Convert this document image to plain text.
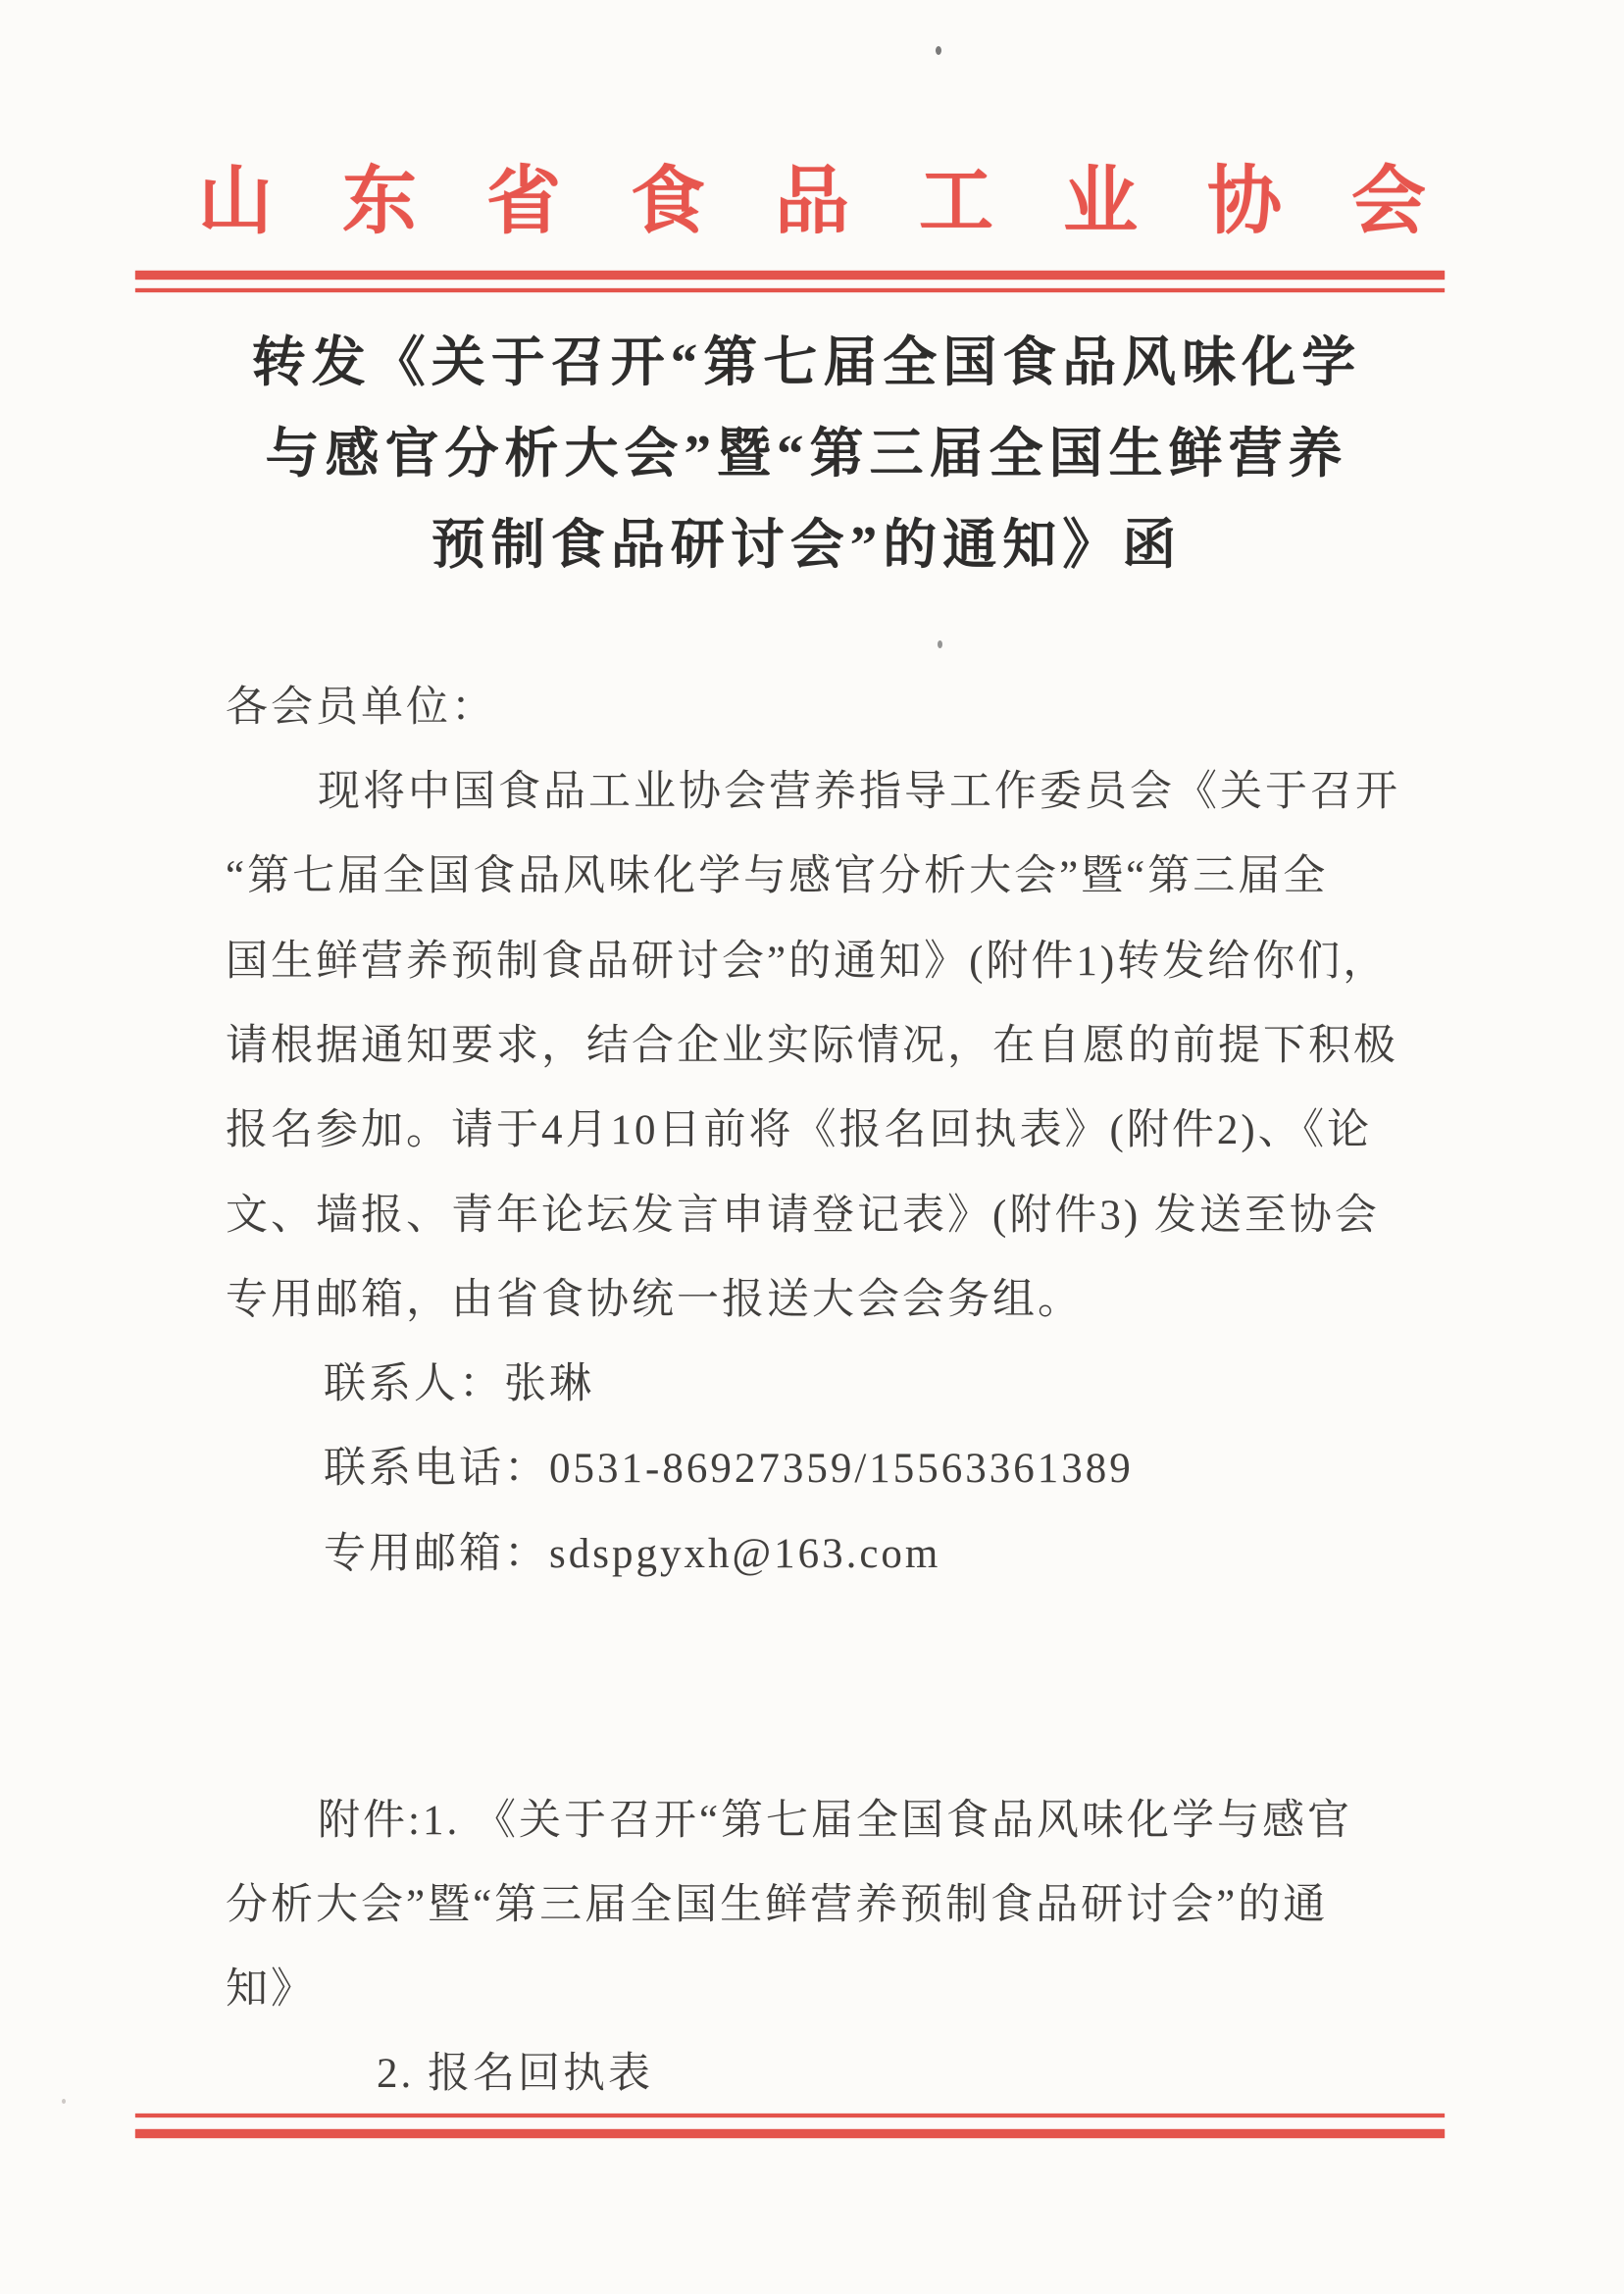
山东省食品工业协会
转发《关于召开“第七届全国食品风味化学
与感官分析大会”暨“第三届全国生鲜营养
预制食品研讨会”的通知》函
各会员单位：
现将中国食品工业协会营养指导工作委员会《关于召开
“第七届全国食品风味化学与感官分析大会”暨“第三届全
国生鲜营养预制食品研讨会”的通知》(附件1)转发给你们，
请根据通知要求，结合企业实际情况，在自愿的前提下积极
报名参加。请于4月10日前将《报名回执表》(附件2)、《论
文、墙报、青年论坛发言申请登记表》(附件3) 发送至协会
专用邮箱，由省食协统一报送大会会务组。
联系人：张琳
联系电话：0531-86927359/15563361389
专用邮箱：sdspgyxh@163.com
附件:1. 《关于召开“第七届全国食品风味化学与感官
分析大会”暨“第三届全国生鲜营养预制食品研讨会”的通
知》
2. 报名回执表
